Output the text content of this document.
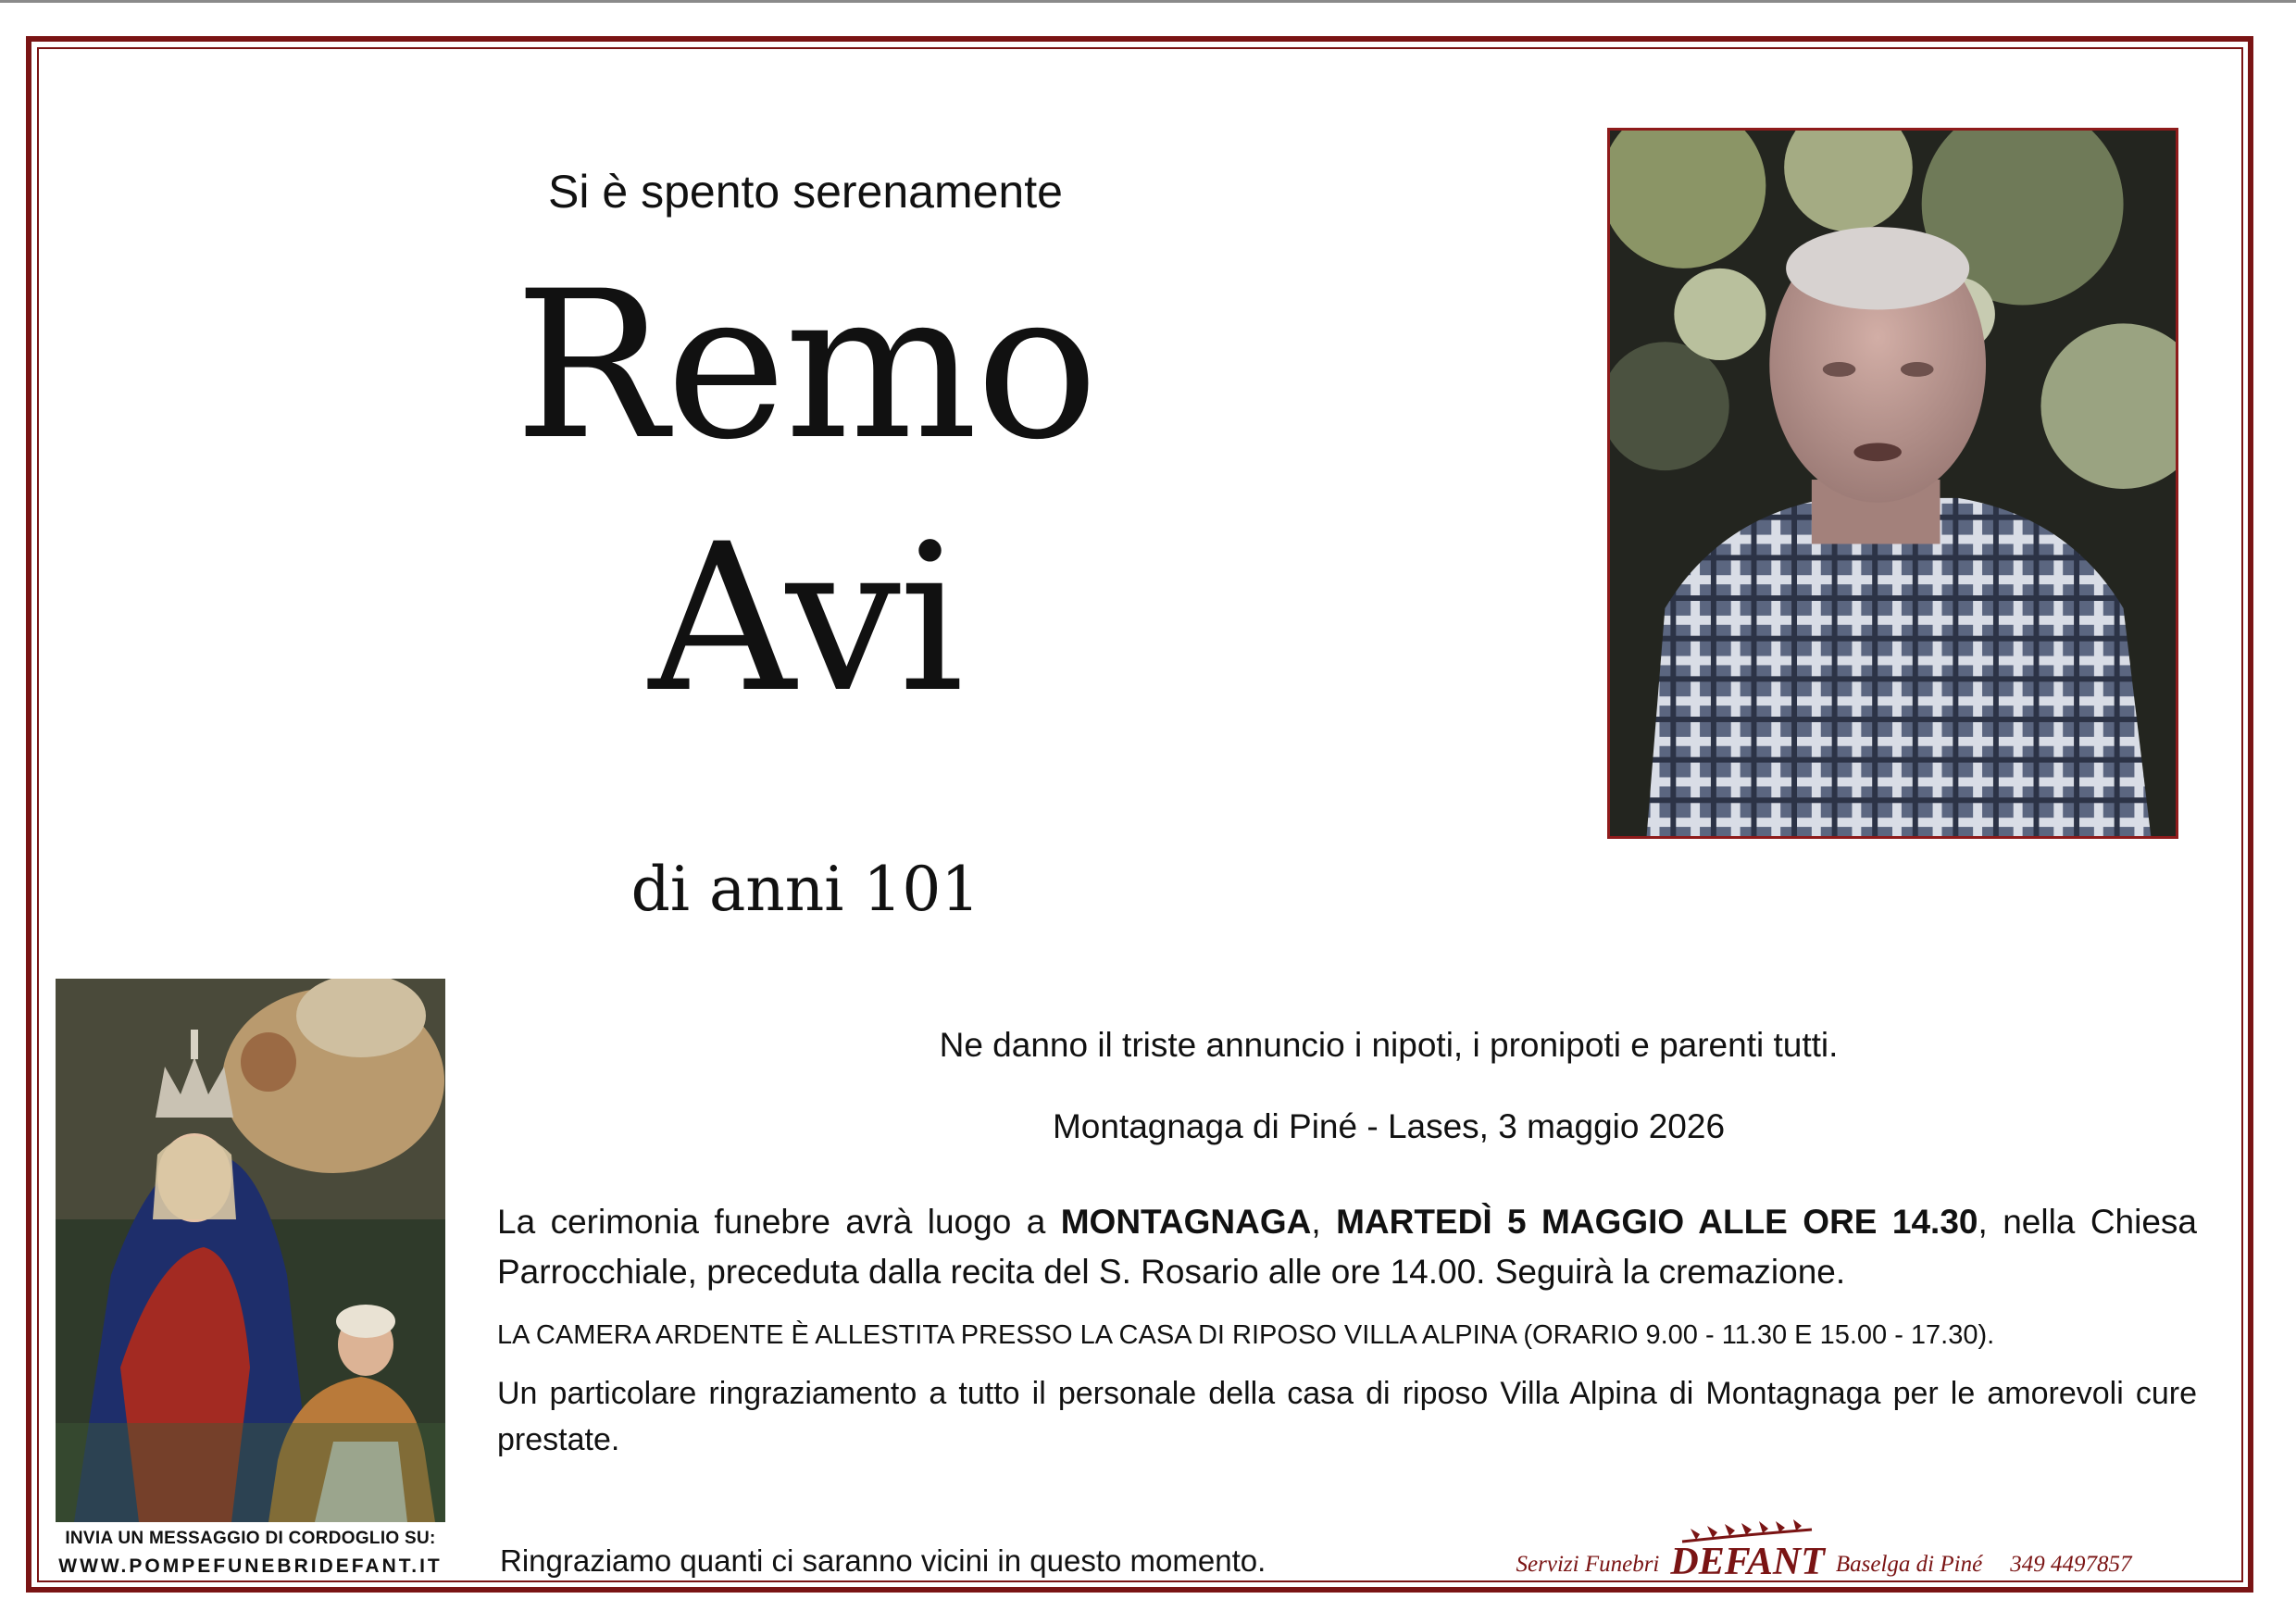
Si è spento serenamente
Remo
Avi
di anni 101
INVIA UN MESSAGGIO DI CORDOGLIO SU:
WWW.POMPEFUNEBRIDEFANT.IT
Ne danno il triste annuncio i nipoti, i pronipoti e parenti tutti.
Montagnaga di Piné - Lases, 3 maggio 2026
La cerimonia funebre avrà luogo a MONTAGNAGA, MARTEDÌ 5 MAGGIO ALLE ORE 14.30, nella Chiesa Parrocchiale, preceduta dalla recita del S. Rosario alle ore 14.00. Seguirà la cremazione.
LA CAMERA ARDENTE È ALLESTITA PRESSO LA CASA DI RIPOSO VILLA ALPINA (ORARIO 9.00 - 11.30 E 15.00 - 17.30).
Un particolare ringraziamento a tutto il personale della casa di riposo Villa Alpina di Montagnaga per le amorevoli cure prestate.
Ringraziamo quanti ci saranno vicini in questo momento.	Servizi Funebri DEFANT Baselga di Piné 349 4497857
